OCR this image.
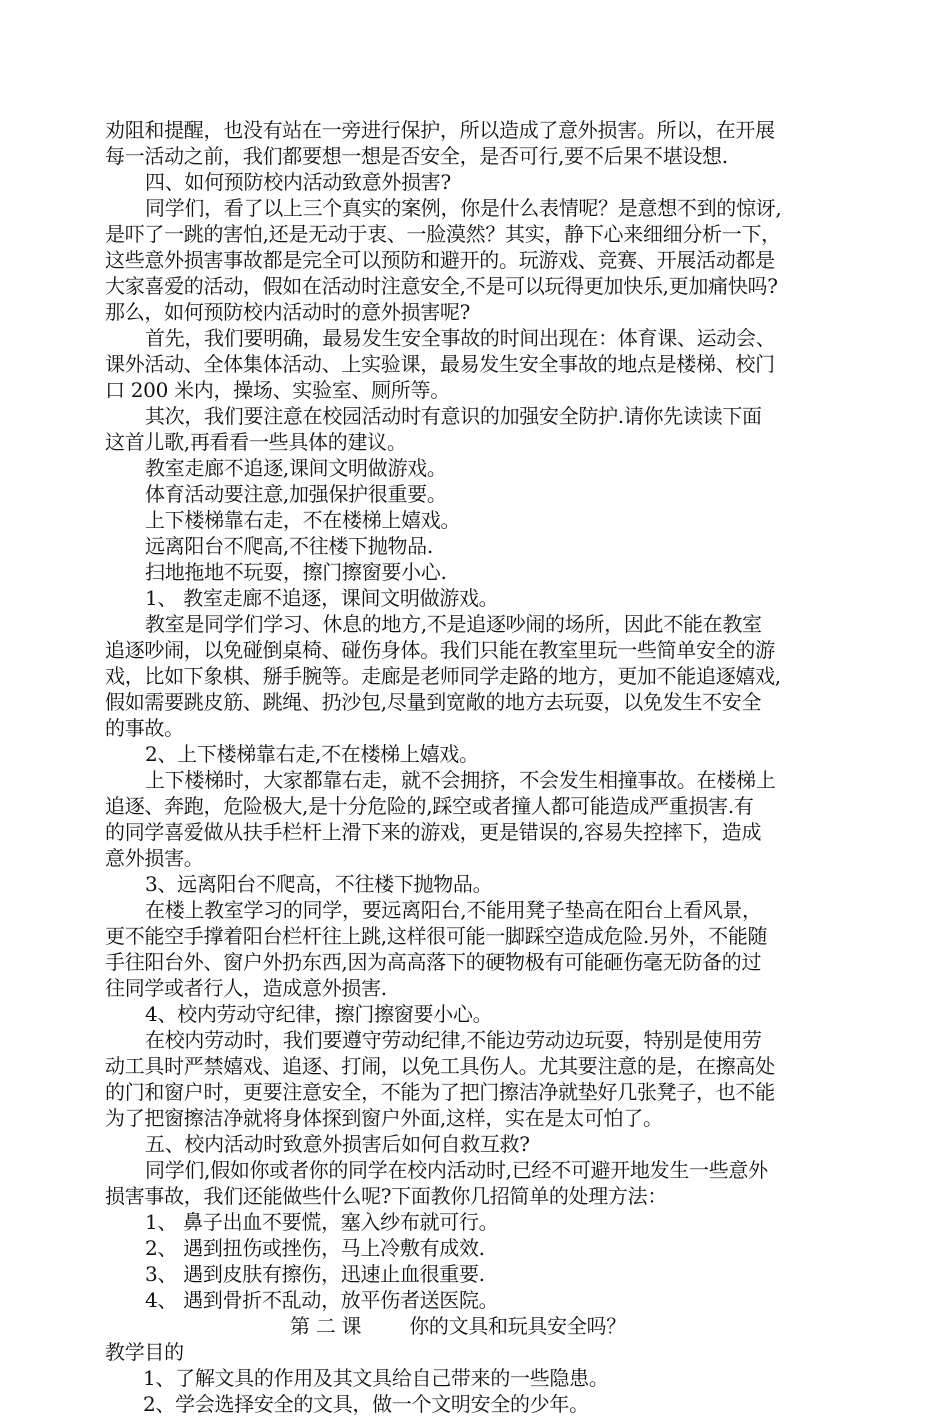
劝阻和提醒，也没有站在一旁进行保护，所以造成了意外损害。所以，在开展
每一活动之前，我们都要想一想是否安全，是否可行,要不后果不堪设想.
四、如何预防校内活动致意外损害?
同学们，看了以上三个真实的案例，你是什么表情呢？是意想不到的惊讶,
是吓了一跳的害怕,还是无动于衷、一脸漠然？其实，静下心来细细分析一下，
这些意外损害事故都是完全可以预防和避开的。玩游戏、竞赛、开展活动都是
大家喜爱的活动，假如在活动时注意安全,不是可以玩得更加快乐,更加痛快吗?
那么，如何预防校内活动时的意外损害呢?
首先，我们要明确，最易发生安全事故的时间出现在：体育课、运动会、
课外活动、全体集体活动、上实验课，最易发生安全事故的地点是楼梯、校门
口 200 米内，操场、实验室、厕所等。
其次，我们要注意在校园活动时有意识的加强安全防护.请你先读读下面
这首儿歌,再看看一些具体的建议。
教室走廊不追逐,课间文明做游戏。
体育活动要注意,加强保护很重要。
上下楼梯靠右走，不在楼梯上嬉戏。
远离阳台不爬高,不往楼下抛物品.
扫地拖地不玩耍，擦门擦窗要小心.
1、 教室走廊不追逐，课间文明做游戏。
教室是同学们学习、休息的地方,不是追逐吵闹的场所，因此不能在教室
追逐吵闹，以免碰倒桌椅、碰伤身体。我们只能在教室里玩一些简单安全的游
戏，比如下象棋、掰手腕等。走廊是老师同学走路的地方，更加不能追逐嬉戏,
假如需要跳皮筋、跳绳、扔沙包,尽量到宽敞的地方去玩耍，以免发生不安全
的事故。
2、上下楼梯靠右走,不在楼梯上嬉戏。
上下楼梯时，大家都靠右走，就不会拥挤，不会发生相撞事故。在楼梯上
追逐、奔跑，危险极大,是十分危险的,踩空或者撞人都可能造成严重损害.有
的同学喜爱做从扶手栏杆上滑下来的游戏，更是错误的,容易失控摔下，造成
意外损害。
3、远离阳台不爬高，不往楼下抛物品。
在楼上教室学习的同学，要远离阳台,不能用凳子垫高在阳台上看风景，
更不能空手撑着阳台栏杆往上跳,这样很可能一脚踩空造成危险.另外，不能随
手往阳台外、窗户外扔东西,因为高高落下的硬物极有可能砸伤毫无防备的过
往同学或者行人，造成意外损害.
4、校内劳动守纪律，擦门擦窗要小心。
在校内劳动时，我们要遵守劳动纪律,不能边劳动边玩耍，特别是使用劳
动工具时严禁嬉戏、追逐、打闹，以免工具伤人。尤其要注意的是，在擦高处
的门和窗户时，更要注意安全，不能为了把门擦洁净就垫好几张凳子，也不能
为了把窗擦洁净就将身体探到窗户外面,这样，实在是太可怕了。
五、校内活动时致意外损害后如何自救互救?
同学们,假如你或者你的同学在校内活动时,已经不可避开地发生一些意外
损害事故，我们还能做些什么呢?下面教你几招简单的处理方法：
1、 鼻子出血不要慌，塞入纱布就可行。
2、 遇到扭伤或挫伤，马上冷敷有成效.
3、 遇到皮肤有擦伤，迅速止血很重要.
4、 遇到骨折不乱动，放平伤者送医院。
第 二 课 你的文具和玩具安全吗？
教学目的
1、了解文具的作用及其文具给自己带来的一些隐患。
2、学会选择安全的文具，做一个文明安全的少年。
